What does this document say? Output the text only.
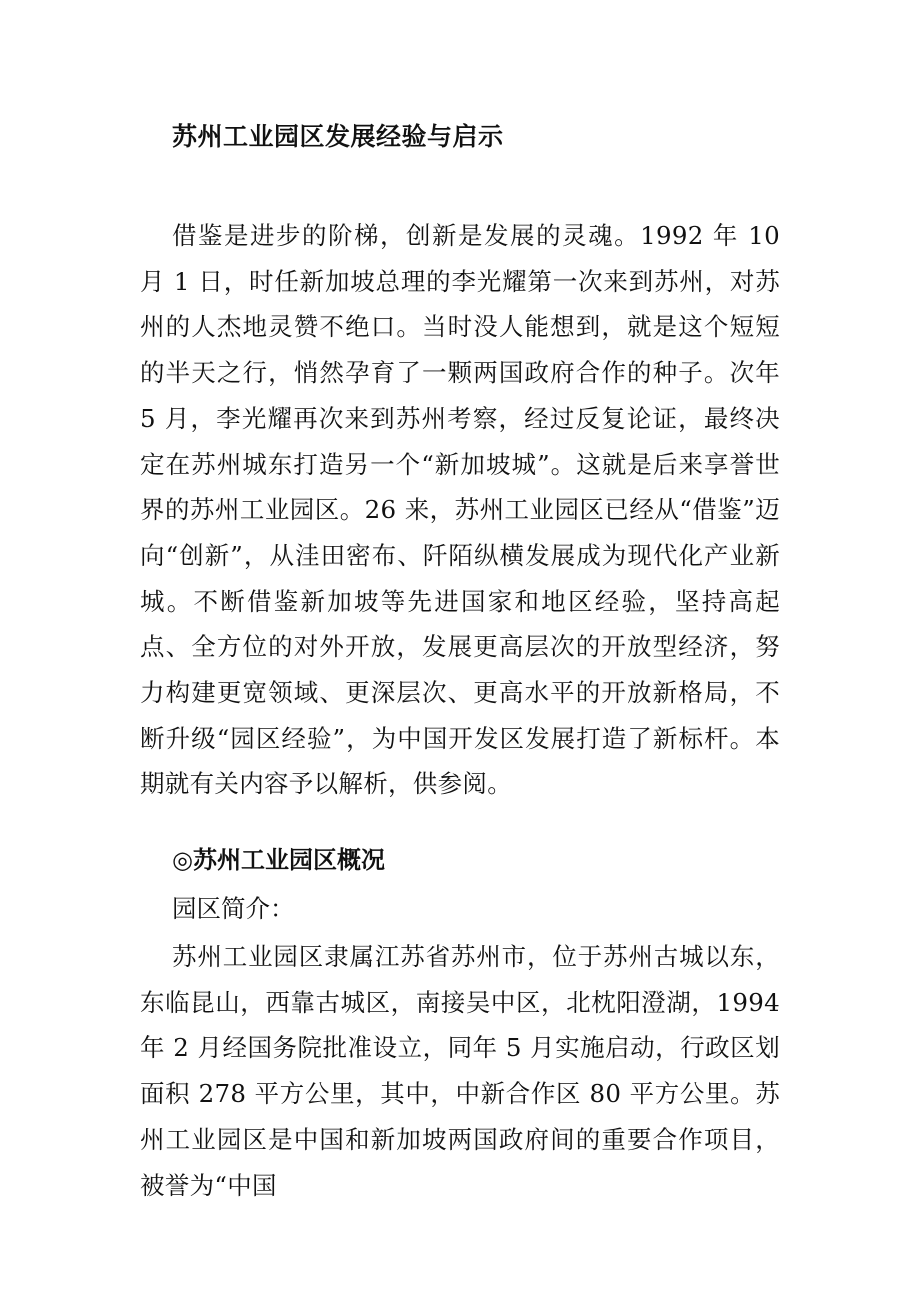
苏州工业园区发展经验与启示
借鉴是进步的阶梯，创新是发展的灵魂。1992 年 10 月 1 日，时任新加坡总理的李光耀第一次来到苏州，对苏州的人杰地灵赞不绝口。当时没人能想到，就是这个短短的半天之行，悄然孕育了一颗两国政府合作的种子。次年 5 月，李光耀再次来到苏州考察，经过反复论证，最终决定在苏州城东打造另一个“新加坡城”。这就是后来享誉世界的苏州工业园区。26 来，苏州工业园区已经从“借鉴”迈向“创新”，从洼田密布、阡陌纵横发展成为现代化产业新城。不断借鉴新加坡等先进国家和地区经验，坚持高起点、全方位的对外开放，发展更高层次的开放型经济，努力构建更宽领域、更深层次、更高水平的开放新格局，不断升级“园区经验”，为中国开发区发展打造了新标杆。本期就有关内容予以解析，供参阅。
◎苏州工业园区概况
园区简介：
苏州工业园区隶属江苏省苏州市，位于苏州古城以东，东临昆山，西靠古城区，南接吴中区，北枕阳澄湖，1994 年 2 月经国务院批准设立，同年 5 月实施启动，行政区划面积 278 平方公里，其中，中新合作区 80 平方公里。苏州工业园区是中国和新加坡两国政府间的重要合作项目，被誉为“中国
